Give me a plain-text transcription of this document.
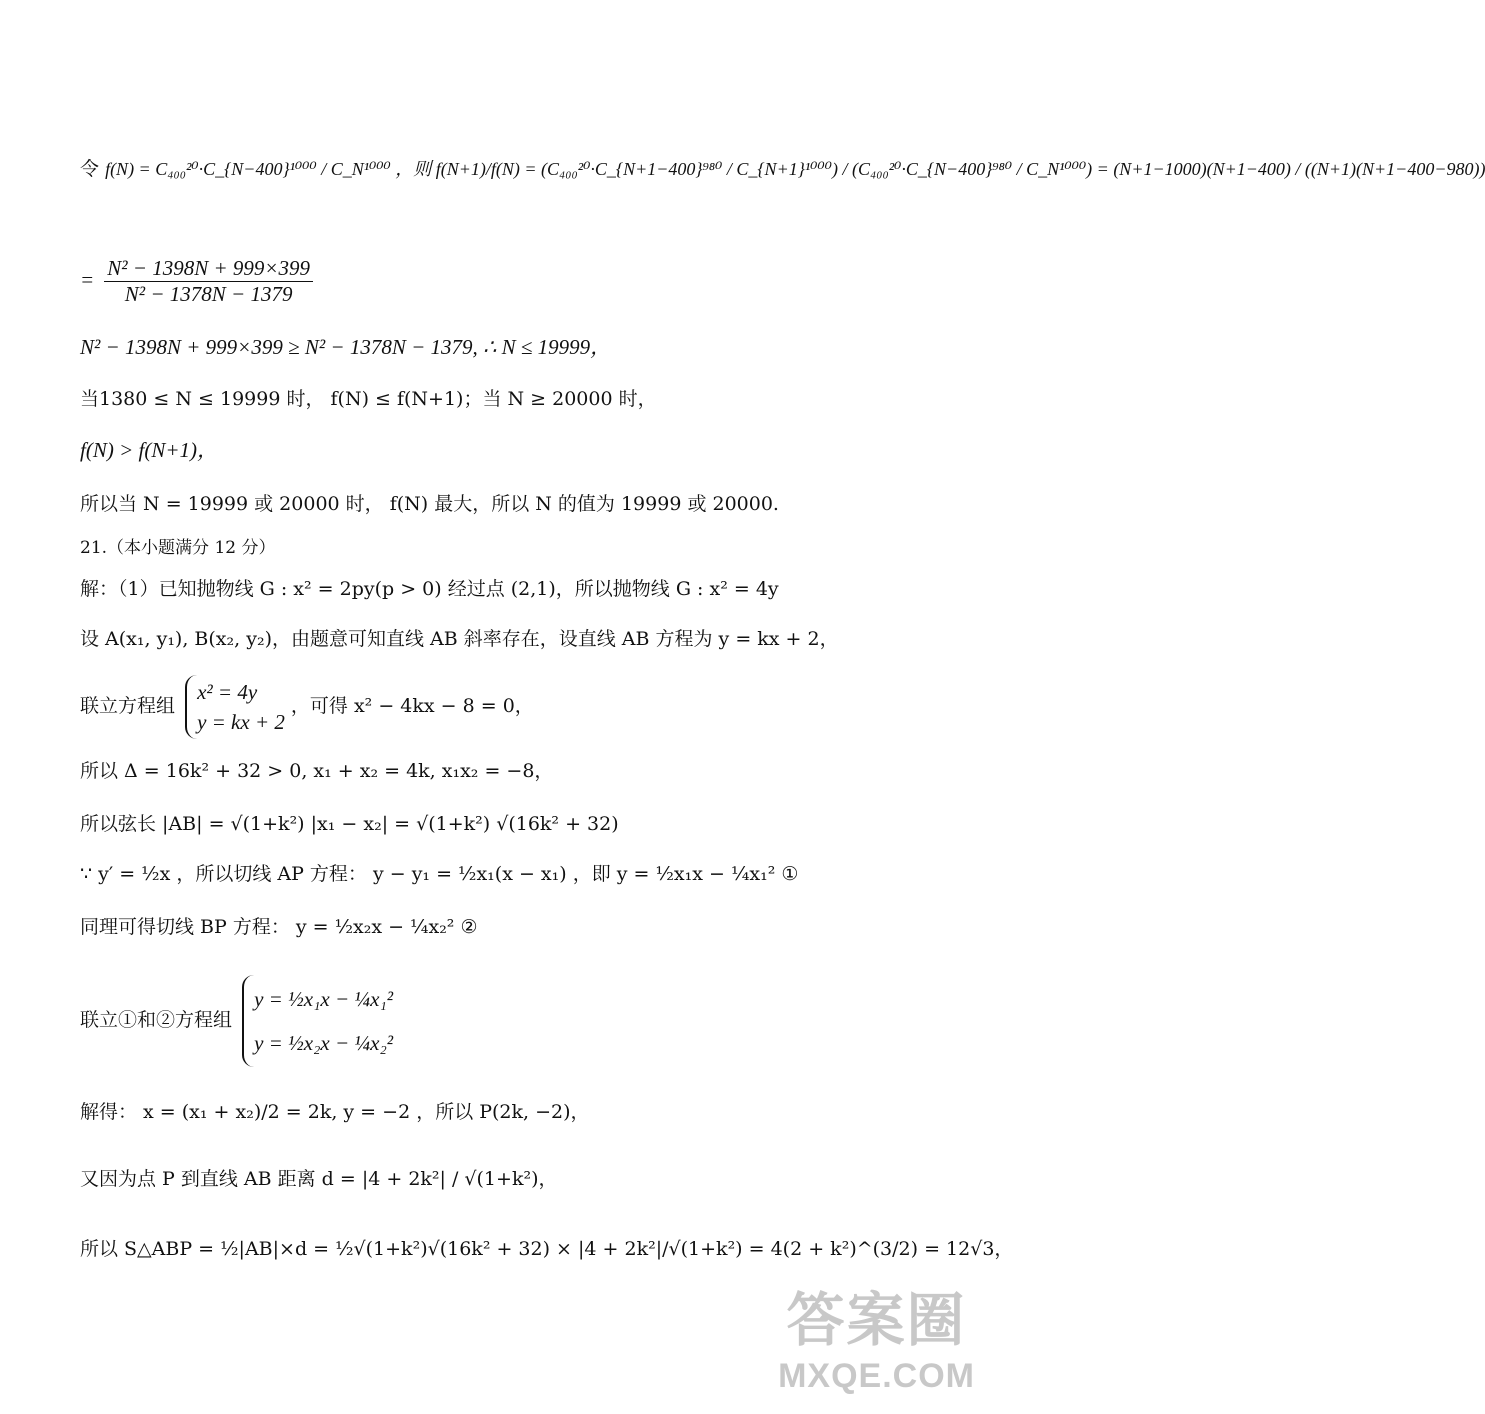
令 f(N) = C₄₀₀²⁰·C_{N−400}¹⁰⁰⁰ / C_N¹⁰⁰⁰ ，则 f(N+1)/f(N) = (C₄₀₀²⁰·C_{N+1−400}⁹⁸⁰ / C_{N+1}¹⁰⁰⁰) / (C₄₀₀²⁰·C_{N−400}⁹⁸⁰ / C_N¹⁰⁰⁰) = (N+1−1000)(N+1−400) / ((N+1)(N+1−400−980))
= $\frac{\text{N² − 1398N + 999×399}}{\text{N² − 1378N − 1379}}$
N² − 1398N + 999×399 ≥ N² − 1378N − 1379, ∴ N ≤ 19999，
当1380 ≤ N ≤ 19999 时， f(N) ≤ f(N+1)；当 N ≥ 20000 时，
f(N) > f(N+1)，
所以当 N = 19999 或 20000 时， f(N) 最大，所以 N 的值为 19999 或 20000.
21.（本小题满分 12 分）
解：（1）已知抛物线 G : x² = 2py(p > 0) 经过点 (2,1)，所以抛物线 G : x² = 4y
设 A(x₁, y₁), B(x₂, y₂)，由题意可知直线 AB 斜率存在，设直线 AB 方程为 y = kx + 2，
联立方程组
x² = 4y
y = kx + 2
，可得 x² − 4kx − 8 = 0，
所以 Δ = 16k² + 32 > 0, x₁ + x₂ = 4k, x₁x₂ = −8，
所以弦长 |AB| = √(1+k²) |x₁ − x₂| = √(1+k²) √(16k² + 32)
∵ y′ = ½x ，所以切线 AP 方程： y − y₁ = ½x₁(x − x₁) ，即 y = ½x₁x − ¼x₁² ①
同理可得切线 BP 方程： y = ½x₂x − ¼x₂² ②
联立①和②方程组
y = ½x₁x − ¼x₁²
y = ½x₂x − ¼x₂²
解得： x = (x₁ + x₂)/2 = 2k, y = −2 ，所以 P(2k, −2)，
又因为点 P 到直线 AB 距离 d = |4 + 2k²| / √(1+k²)，
所以 S△ABP = ½|AB|×d = ½√(1+k²)√(16k² + 32) × |4 + 2k²|/√(1+k²) = 4(2 + k²)^(3/2) = 12√3，
答案圈
MXQE.COM
